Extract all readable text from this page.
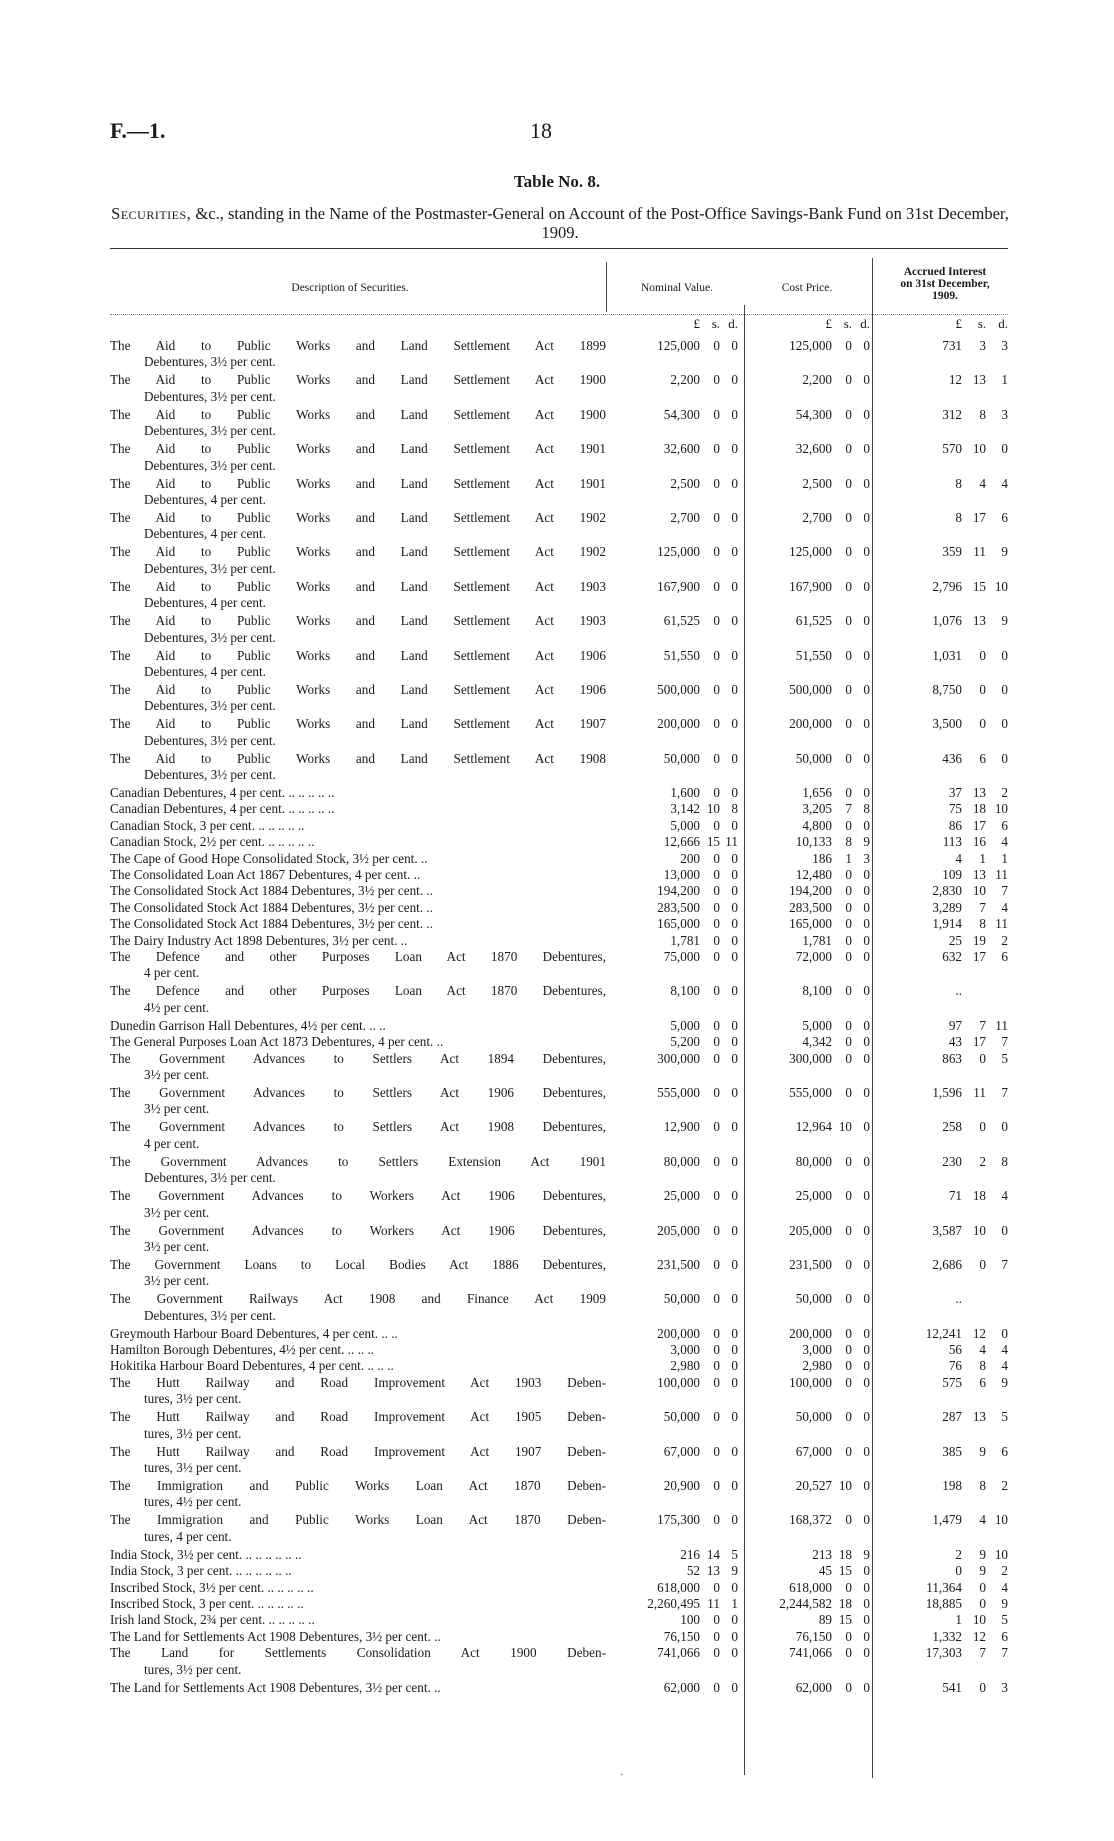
F.—1.	18
Table No. 8.
Securities, &c., standing in the Name of the Postmaster-General on Account of the Post-Office Savings-Bank Fund on 31st December, 1909.
Description of Securities.	Nominal Value.	Cost Price.
Accrued Interest
on 31st December,
1909.
£ s. d.	£ s. d.	£	s. d.
The Aid to Public Works and Land Settlement Act 1899
Debentures, 3½ per cent.
125,000	0 0	125,000	0 0	731	3	3
The Aid to Public Works and Land Settlement Act 1900
Debentures, 3½ per cent.
2,200	0 0	2,200	0 0	12 13	1
The Aid to Public Works and Land Settlement Act 1900
Debentures, 3½ per cent.
54,300	0 0	54,300	0 0	312	8	3
The Aid to Public Works and Land Settlement Act 1901
Debentures, 3½ per cent.
32,600	0 0	32,600	0 0	570 10	0
The Aid to Public Works and Land Settlement Act 1901
Debentures, 4 per cent.
2,500	0 0	2,500	0 0	8	4	4
The Aid to Public Works and Land Settlement Act 1902
Debentures, 4 per cent.
2,700	0 0	2,700	0 0	8 17	6
The Aid to Public Works and Land Settlement Act 1902
Debentures, 3½ per cent.
125,000	0 0	125,000	0 0	359 11	9
The Aid to Public Works and Land Settlement Act 1903
Debentures, 4 per cent.
167,900	0 0	167,900	0 0	2,796 15 10
The Aid to Public Works and Land Settlement Act 1903
Debentures, 3½ per cent.
61,525	0 0	61,525	0 0	1,076 13	9
The Aid to Public Works and Land Settlement Act 1906
Debentures, 4 per cent.
51,550	0 0	51,550	0 0	1,031	0	0
The Aid to Public Works and Land Settlement Act 1906
Debentures, 3½ per cent.
500,000	0 0	500,000	0 0	8,750	0	0
The Aid to Public Works and Land Settlement Act 1907
Debentures, 3½ per cent.
200,000	0 0	200,000	0 0	3,500	0	0
The Aid to Public Works and Land Settlement Act 1908
Debentures, 3½ per cent.
50,000	0 0	50,000	0 0	436	6	0
Canadian Debentures, 4 per cent. .. .. .. .. ..	1,600	0 0	1,656	0 0	37 13	2
Canadian Debentures, 4 per cent. .. .. .. .. ..	3,142 10 8	3,205	7 8	75 18 10
Canadian Stock, 3 per cent. .. .. .. .. ..	5,000	0 0	4,800	0 0	86 17	6
Canadian Stock, 2½ per cent. .. .. .. .. ..	12,666 15 11	10,133	8 9	113 16	4
The Cape of Good Hope Consolidated Stock, 3½ per cent. ..	200	0 0	186	1 3	4	1	1
The Consolidated Loan Act 1867 Debentures, 4 per cent. ..	13,000	0 0	12,480	0 0	109 13 11
The Consolidated Stock Act 1884 Debentures, 3½ per cent. ..	194,200	0 0	194,200	0 0	2,830 10	7
The Consolidated Stock Act 1884 Debentures, 3½ per cent. ..	283,500	0 0	283,500	0 0	3,289	7	4
The Consolidated Stock Act 1884 Debentures, 3½ per cent. ..	165,000	0 0	165,000	0 0	1,914	8 11
The Dairy Industry Act 1898 Debentures, 3½ per cent. ..	1,781	0 0	1,781	0 0	25 19	2
The Defence and other Purposes Loan Act 1870 Debentures,
4 per cent.
75,000	0 0	72,000	0 0	632 17	6
The Defence and other Purposes Loan Act 1870 Debentures,
4½ per cent.
8,100	0 0	8,100	0 0	..
Dunedin Garrison Hall Debentures, 4½ per cent. .. ..	5,000	0 0	5,000	0 0	97	7 11
The General Purposes Loan Act 1873 Debentures, 4 per cent. ..	5,200	0 0	4,342	0 0	43 17	7
The Government Advances to Settlers Act 1894 Debentures,
3½ per cent.
300,000	0 0	300,000	0 0	863	0	5
The Government Advances to Settlers Act 1906 Debentures,
3½ per cent.
555,000	0 0	555,000	0 0	1,596 11	7
The Government Advances to Settlers Act 1908 Debentures,
4 per cent.
12,900	0 0	12,964 10 0	258	0	0
The Government Advances to Settlers Extension Act 1901
Debentures, 3½ per cent.
80,000	0 0	80,000	0 0	230	2	8
The Government Advances to Workers Act 1906 Debentures,
3½ per cent.
25,000	0 0	25,000	0 0	71 18	4
The Government Advances to Workers Act 1906 Debentures,
3½ per cent.
205,000	0 0	205,000	0 0	3,587 10	0
The Government Loans to Local Bodies Act 1886 Debentures,
3½ per cent.
231,500	0 0	231,500	0 0	2,686	0	7
The Government Railways Act 1908 and Finance Act 1909
Debentures, 3½ per cent.
50,000	0 0	50,000	0 0	..
Greymouth Harbour Board Debentures, 4 per cent. .. ..	200,000	0 0	200,000	0 0	12,241 12	0
Hamilton Borough Debentures, 4½ per cent. .. .. ..	3,000	0 0	3,000	0 0	56	4	4
Hokitika Harbour Board Debentures, 4 per cent. .. .. ..	2,980	0 0	2,980	0 0	76	8	4
The Hutt Railway and Road Improvement Act 1903 Deben-
tures, 3½ per cent.
100,000	0 0	100,000	0 0	575	6	9
The Hutt Railway and Road Improvement Act 1905 Deben-
tures, 3½ per cent.
50,000	0 0	50,000	0 0	287 13	5
The Hutt Railway and Road Improvement Act 1907 Deben-
tures, 3½ per cent.
67,000	0 0	67,000	0 0	385	9	6
The Immigration and Public Works Loan Act 1870 Deben-
tures, 4½ per cent.
20,900	0 0	20,527 10 0	198	8	2
The Immigration and Public Works Loan Act 1870 Deben-
tures, 4 per cent.
175,300	0 0	168,372	0 0	1,479	4 10
India Stock, 3½ per cent. .. .. .. .. .. ..	216 14 5	213 18 9	2	9 10
India Stock, 3 per cent. .. .. .. .. .. ..	52 13 9	45 15 0	0	9	2
Inscribed Stock, 3½ per cent. .. .. .. .. ..	618,000	0 0	618,000	0 0	11,364	0	4
Inscribed Stock, 3 per cent. .. .. .. .. ..	2,260,495 11 1	2,244,582 18 0	18,885	0	9
Irish land Stock, 2¾ per cent. .. .. .. .. ..	100	0 0	89 15 0	1 10	5
The Land for Settlements Act 1908 Debentures, 3½ per cent. ..	76,150	0 0	76,150	0 0	1,332 12	6
The Land for Settlements Consolidation Act 1900 Deben-
tures, 3½ per cent.
741,066	0 0	741,066	0 0	17,303	7	7
The Land for Settlements Act 1908 Debentures, 3½ per cent. ..	62,000	0 0	62,000	0 0	541	0	3
·
